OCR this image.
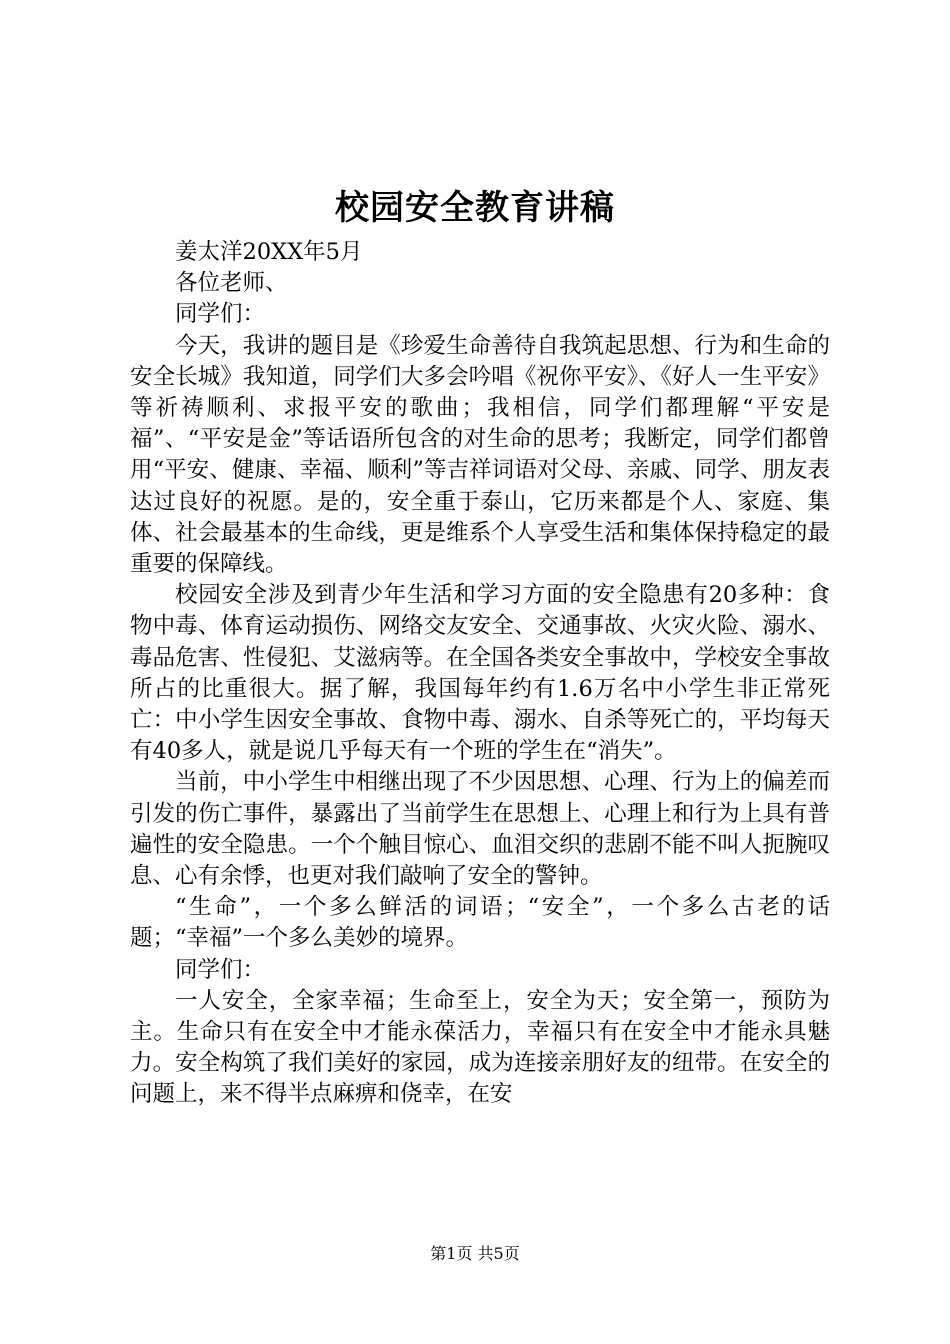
校园安全教育讲稿

姜太洋20XX年5月

各位老师、

同学们：

今天，我讲的题目是《珍爱生命善待自我筑起思想、行为和生命的安全长城》我知道，同学们大多会吟唱《祝你平安》、《好人一生平安》等祈祷顺利、求报平安的歌曲；我相信，同学们都理解“平安是福”、“平安是金”等话语所包含的对生命的思考；我断定，同学们都曾用“平安、健康、幸福、顺利”等吉祥词语对父母、亲戚、同学、朋友表达过良好的祝愿。是的，安全重于泰山，它历来都是个人、家庭、集体、社会最基本的生命线，更是维系个人享受生活和集体保持稳定的最重要的保障线。

校园安全涉及到青少年生活和学习方面的安全隐患有20多种：食物中毒、体育运动损伤、网络交友安全、交通事故、火灾火险、溺水、毒品危害、性侵犯、艾滋病等。在全国各类安全事故中，学校安全事故所占的比重很大。据了解，我国每年约有1.6万名中小学生非正常死亡：中小学生因安全事故、食物中毒、溺水、自杀等死亡的，平均每天有40多人，就是说几乎每天有一个班的学生在“消失”。

当前，中小学生中相继出现了不少因思想、心理、行为上的偏差而引发的伤亡事件，暴露出了当前学生在思想上、心理上和行为上具有普遍性的安全隐患。一个个触目惊心、血泪交织的悲剧不能不叫人扼腕叹息、心有余悸，也更对我们敲响了安全的警钟。

“生命”，一个多么鲜活的词语；“安全”，一个多么古老的话题；“幸福”一个多么美妙的境界。

同学们：

一人安全，全家幸福；生命至上，安全为天；安全第一，预防为主。生命只有在安全中才能永葆活力，幸福只有在安全中才能永具魅力。安全构筑了我们美好的家园，成为连接亲朋好友的纽带。在安全的问题上，来不得半点麻痹和侥幸，在安

第1页 共5页
